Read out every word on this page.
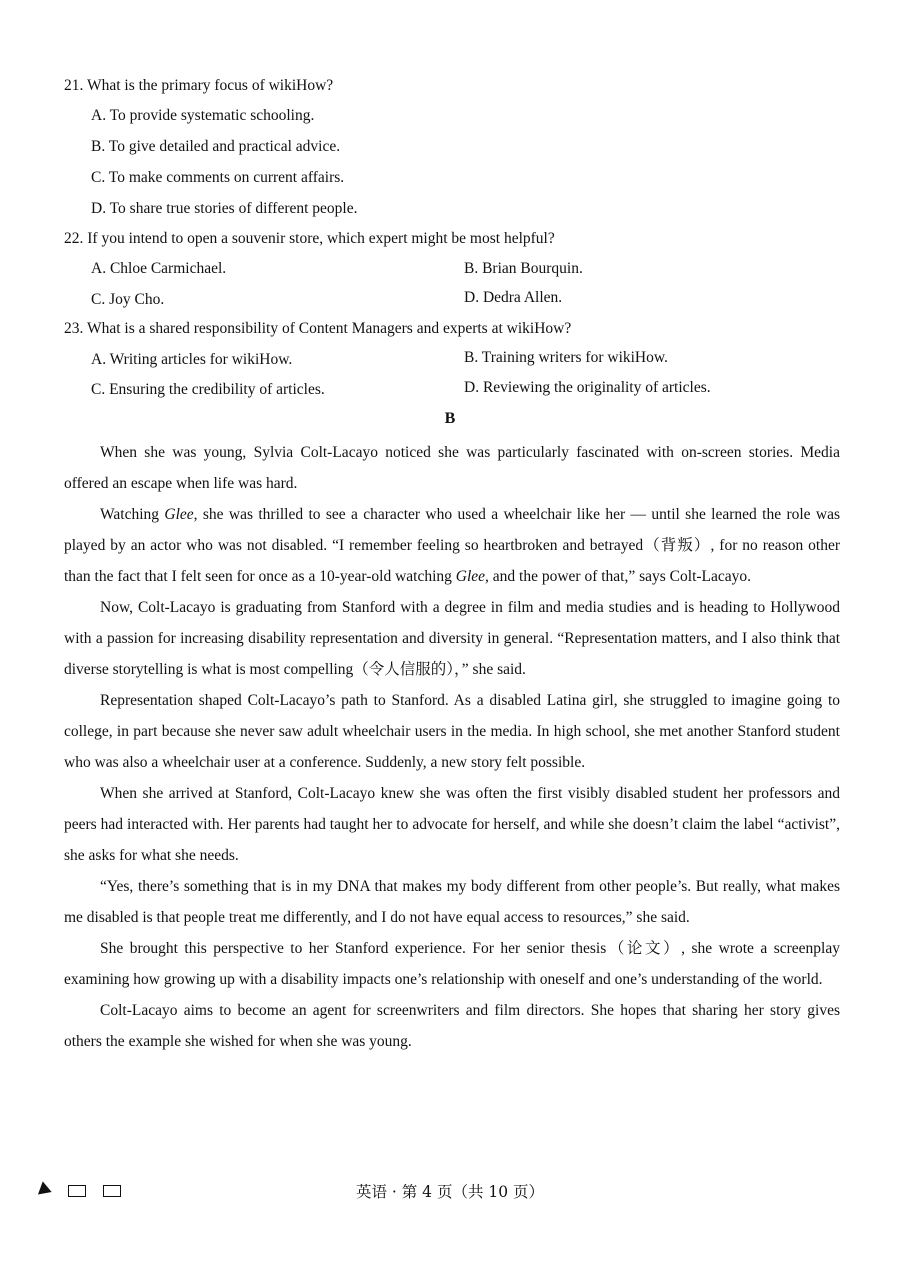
21. What is the primary focus of wikiHow?

A. To provide systematic schooling.

B. To give detailed and practical advice.

C. To make comments on current affairs.

D. To share true stories of different people.

22. If you intend to open a souvenir store, which expert might be most helpful?

A. Chloe Carmichael.	B. Brian Bourquin.

C. Joy Cho.	D. Dedra Allen.

23. What is a shared responsibility of Content Managers and experts at wikiHow?

A. Writing articles for wikiHow.	B. Training writers for wikiHow.

C. Ensuring the credibility of articles.	D. Reviewing the originality of articles.

B

When she was young, Sylvia Colt-Lacayo noticed she was particularly fascinated with on-screen stories. Media offered an escape when life was hard.

Watching Glee, she was thrilled to see a character who used a wheelchair like her — until she learned the role was played by an actor who was not disabled. “I remember feeling so heartbroken and betrayed（背叛）, for no reason other than the fact that I felt seen for once as a 10-year-old watching Glee, and the power of that,” says Colt-Lacayo.

Now, Colt-Lacayo is graduating from Stanford with a degree in film and media studies and is heading to Hollywood with a passion for increasing disability representation and diversity in general. “Representation matters, and I also think that diverse storytelling is what is most compelling（令人信服的），” she said.

Representation shaped Colt-Lacayo’s path to Stanford. As a disabled Latina girl, she struggled to imagine going to college, in part because she never saw adult wheelchair users in the media. In high school, she met another Stanford student who was also a wheelchair user at a conference. Suddenly, a new story felt possible.

When she arrived at Stanford, Colt-Lacayo knew she was often the first visibly disabled student her professors and peers had interacted with. Her parents had taught her to advocate for herself, and while she doesn’t claim the label “activist”, she asks for what she needs.

“Yes, there’s something that is in my DNA that makes my body different from other people’s. But really, what makes me disabled is that people treat me differently, and I do not have equal access to resources,” she said.

She brought this perspective to her Stanford experience. For her senior thesis（论文）, she wrote a screenplay examining how growing up with a disability impacts one’s relationship with oneself and one’s understanding of the world.

Colt-Lacayo aims to become an agent for screenwriters and film directors. She hopes that sharing her story gives others the example she wished for when she was young.

英语 · 第 4 页（共 10 页）
